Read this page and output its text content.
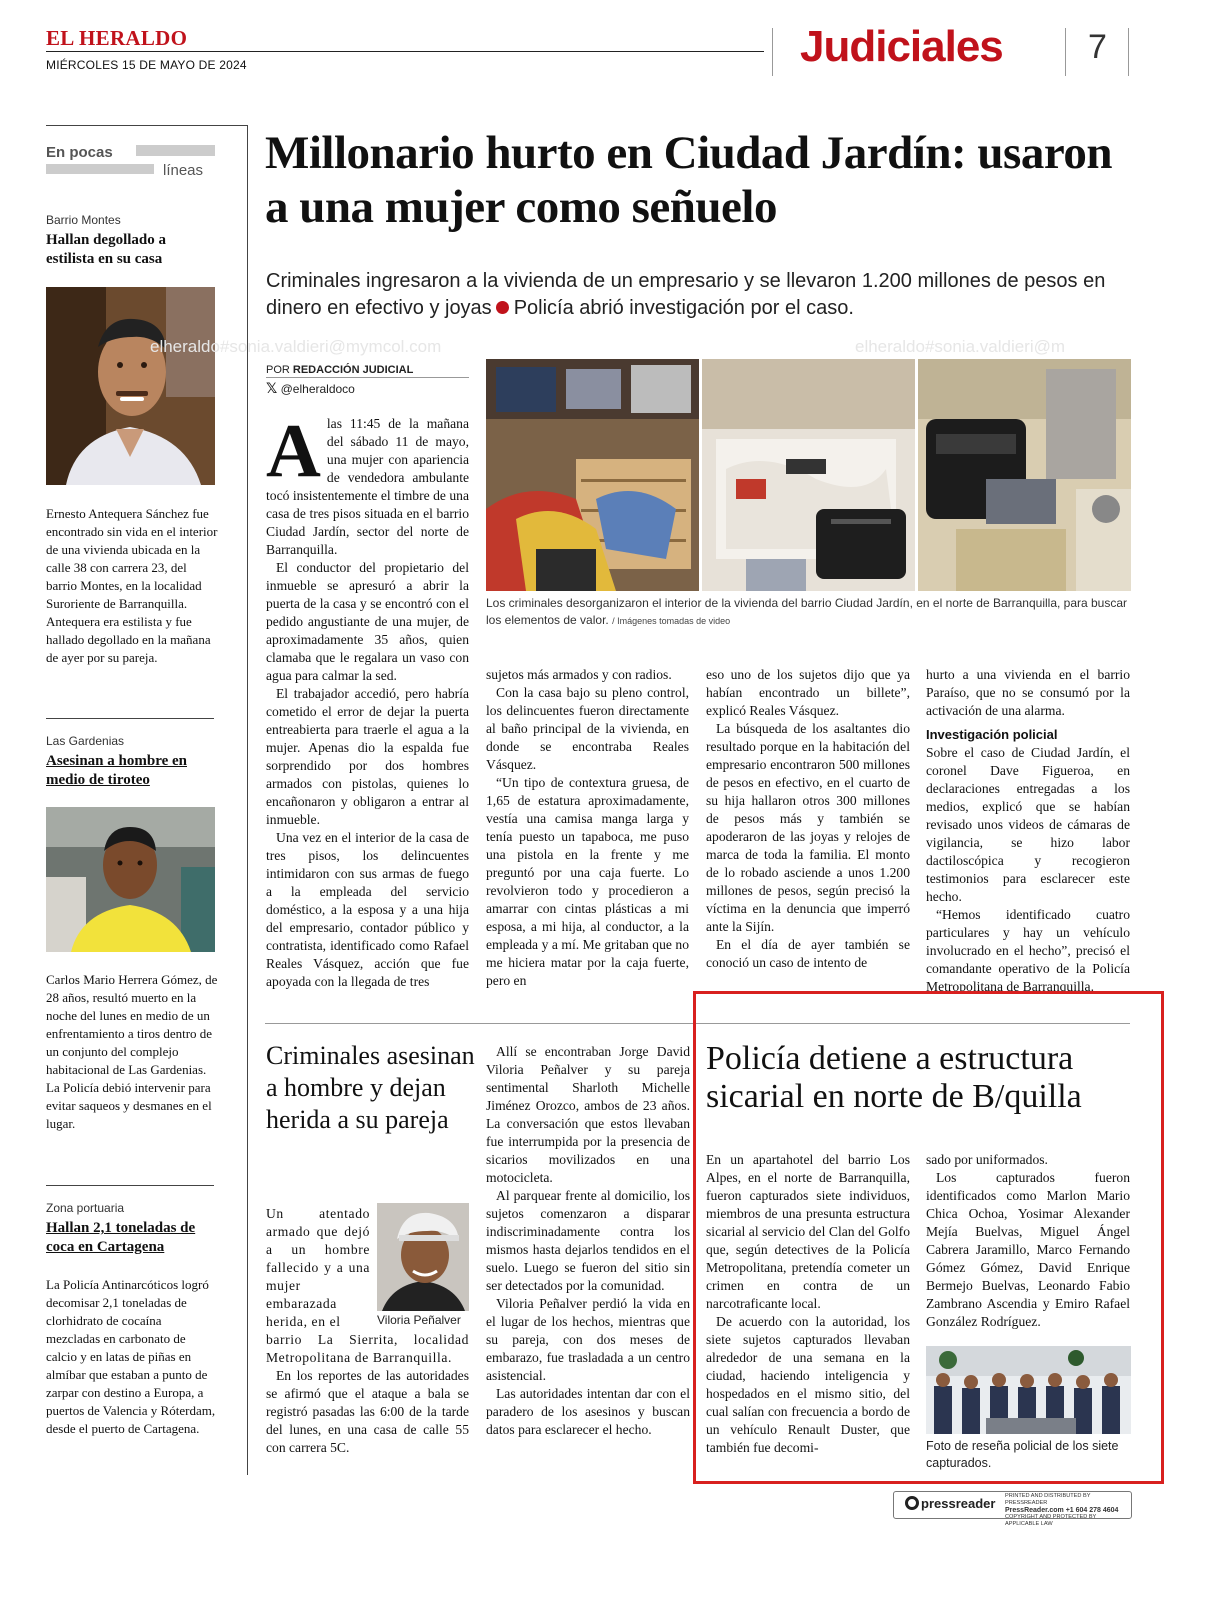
EL HERALDO
MIÉRCOLES 15 DE MAYO DE 2024	Judiciales	7
En pocas
líneas
Barrio Montes
Hallan degollado a estilista en su casa
Ernesto Antequera Sánchez fue encontrado sin vida en el interior de una vivienda ubicada en la calle 38 con carrera 23, del barrio Montes, en la localidad Suroriente de Barranquilla. Antequera era estilista y fue hallado degollado en la mañana de ayer por su pareja.
Las Gardenias
Asesinan a hombre en medio de tiroteo
Carlos Mario Herrera Gómez, de 28 años, resultó muerto en la noche del lunes en medio de un enfrentamiento a tiros dentro de un conjunto del complejo habitacional de Las Gardenias. La Policía debió intervenir para evitar saqueos y desmanes en el lugar.
Zona portuaria
Hallan 2,1 toneladas de coca en Cartagena
La Policía Antinarcóticos logró decomisar 2,1 toneladas de clorhidrato de cocaína mezcladas en carbonato de calcio y en latas de piñas en almíbar que estaban a punto de zarpar con destino a Europa, a puertos de Valencia y Róterdam, desde el puerto de Cartagena.
Millonario hurto en Ciudad Jardín: usaron a una mujer como señuelo
Criminales ingresaron a la vivienda de un empresario y se llevaron 1.200 millones de pesos en dinero en efectivo y joyas Policía abrió investigación por el caso.
elheraldo#sonia.valdieri@mymcol.com	elheraldo#sonia.valdieri@m
POR REDACCIÓN JUDICIAL
𝕏 @elheraldoco
Los criminales desorganizaron el interior de la vivienda del barrio Ciudad Jardín, en el norte de Barranquilla, para buscar los elementos de valor. / Imágenes tomadas de video
A las 11:45 de la mañana del sábado 11 de mayo, una mujer con apariencia de vendedora ambulante tocó insistentemente el timbre de una casa de tres pisos situada en el barrio Ciudad Jardín, sector del norte de Barranquilla.

El conductor del propietario del inmueble se apresuró a abrir la puerta de la casa y se encontró con el pedido angustiante de una mujer, de aproximadamente 35 años, quien clamaba que le regalara un vaso con agua para calmar la sed.

El trabajador accedió, pero habría cometido el error de dejar la puerta entreabierta para traerle el agua a la mujer. Apenas dio la espalda fue sorprendido por dos hombres armados con pistolas, quienes lo encañonaron y obligaron a entrar al inmueble.

Una vez en el interior de la casa de tres pisos, los delincuentes intimidaron con sus armas de fuego a la empleada del servicio doméstico, a la esposa y a una hija del empresario, contador público y contratista, identificado como Rafael Reales Vásquez, acción que fue apoyada con la llegada de tres

sujetos más armados y con radios.

Con la casa bajo su pleno control, los delincuentes fueron directamente al baño principal de la vivienda, en donde se encontraba Reales Vásquez.

“Un tipo de contextura gruesa, de 1,65 de estatura aproximadamente, vestía una camisa manga larga y tenía puesto un tapaboca, me puso una pistola en la frente y me preguntó por una caja fuerte. Lo revolvieron todo y procedieron a amarrar con cintas plásticas a mi esposa, a mi hija, al conductor, a la empleada y a mí. Me gritaban que no me hiciera matar por la caja fuerte, pero en

eso uno de los sujetos dijo que ya habían encontrado un billete”, explicó Reales Vásquez.

La búsqueda de los asaltantes dio resultado porque en la habitación del empresario encontraron 500 millones de pesos en efectivo, en el cuarto de su hija hallaron otros 300 millones de pesos más y también se apoderaron de las joyas y relojes de marca de toda la familia. El monto de lo robado asciende a unos 1.200 millones de pesos, según precisó la víctima en la denuncia que imperró ante la Sijín.

En el día de ayer también se conoció un caso de intento de

hurto a una vivienda en el barrio Paraíso, que no se consumó por la activación de una alarma.

Investigación policial

Sobre el caso de Ciudad Jardín, el coronel Dave Figueroa, en declaraciones entregadas a los medios, explicó que se habían revisado unos videos de cámaras de vigilancia, se hizo labor dactiloscópica y recogieron testimonios para esclarecer este hecho.

“Hemos identificado cuatro particulares y hay un vehículo involucrado en el hecho”, precisó el comandante operativo de la Policía Metropolitana de Barranquilla.

Criminales asesinan a hombre y dejan herida a su pareja

Un atentado armado que dejó a un hombre fallecido y a una mujer embarazada herida, en el	Viloria Peñalver

barrio La Sierrita, localidad Metropolitana de Barranquilla.

En los reportes de las autoridades se afirmó que el ataque a bala se registró pasadas las 6:00 de la tarde del lunes, en una casa de calle 55 con carrera 5C.

Allí se encontraban Jorge David Viloria Peñalver y su pareja sentimental Sharloth Michelle Jiménez Orozco, ambos de 23 años. La conversación que estos llevaban fue interrumpida por la presencia de sicarios movilizados en una motocicleta.

Al parquear frente al domicilio, los sujetos comenzaron a disparar indiscriminadamente contra los mismos hasta dejarlos tendidos en el suelo. Luego se fueron del sitio sin ser detectados por la comunidad.

Viloria Peñalver perdió la vida en el lugar de los hechos, mientras que su pareja, con dos meses de embarazo, fue trasladada a un centro asistencial.

Las autoridades intentan dar con el paradero de los asesinos y buscan datos para esclarecer el hecho.

Policía detiene a estructura sicarial en norte de B/quilla

En un apartahotel del barrio Los Alpes, en el norte de Barranquilla, fueron capturados siete individuos, miembros de una presunta estructura sicarial al servicio del Clan del Golfo que, según detectives de la Policía Metropolitana, pretendía cometer un crimen en contra de un narcotraficante local.

De acuerdo con la autoridad, los siete sujetos capturados llevaban alrededor de una semana en la ciudad, haciendo inteligencia y hospedados en el mismo sitio, del cual salían con frecuencia a bordo de un vehículo Renault Duster, que también fue decomi-

sado por uniformados.

Los capturados fueron identificados como Marlon Mario Chica Ochoa, Yosimar Alexander Mejía Buelvas, Miguel Ángel Cabrera Jaramillo, Marco Fernando Gómez Gómez, David Enrique Bermejo Buelvas, Leonardo Fabio Zambrano Ascendia y Emiro Rafael González Rodríguez.

Foto de reseña policial de los siete capturados.
pressreader PRINTED AND DISTRIBUTED BY PRESSREADER
PressReader.com +1 604 278 4604
COPYRIGHT AND PROTECTED BY APPLICABLE LAW
